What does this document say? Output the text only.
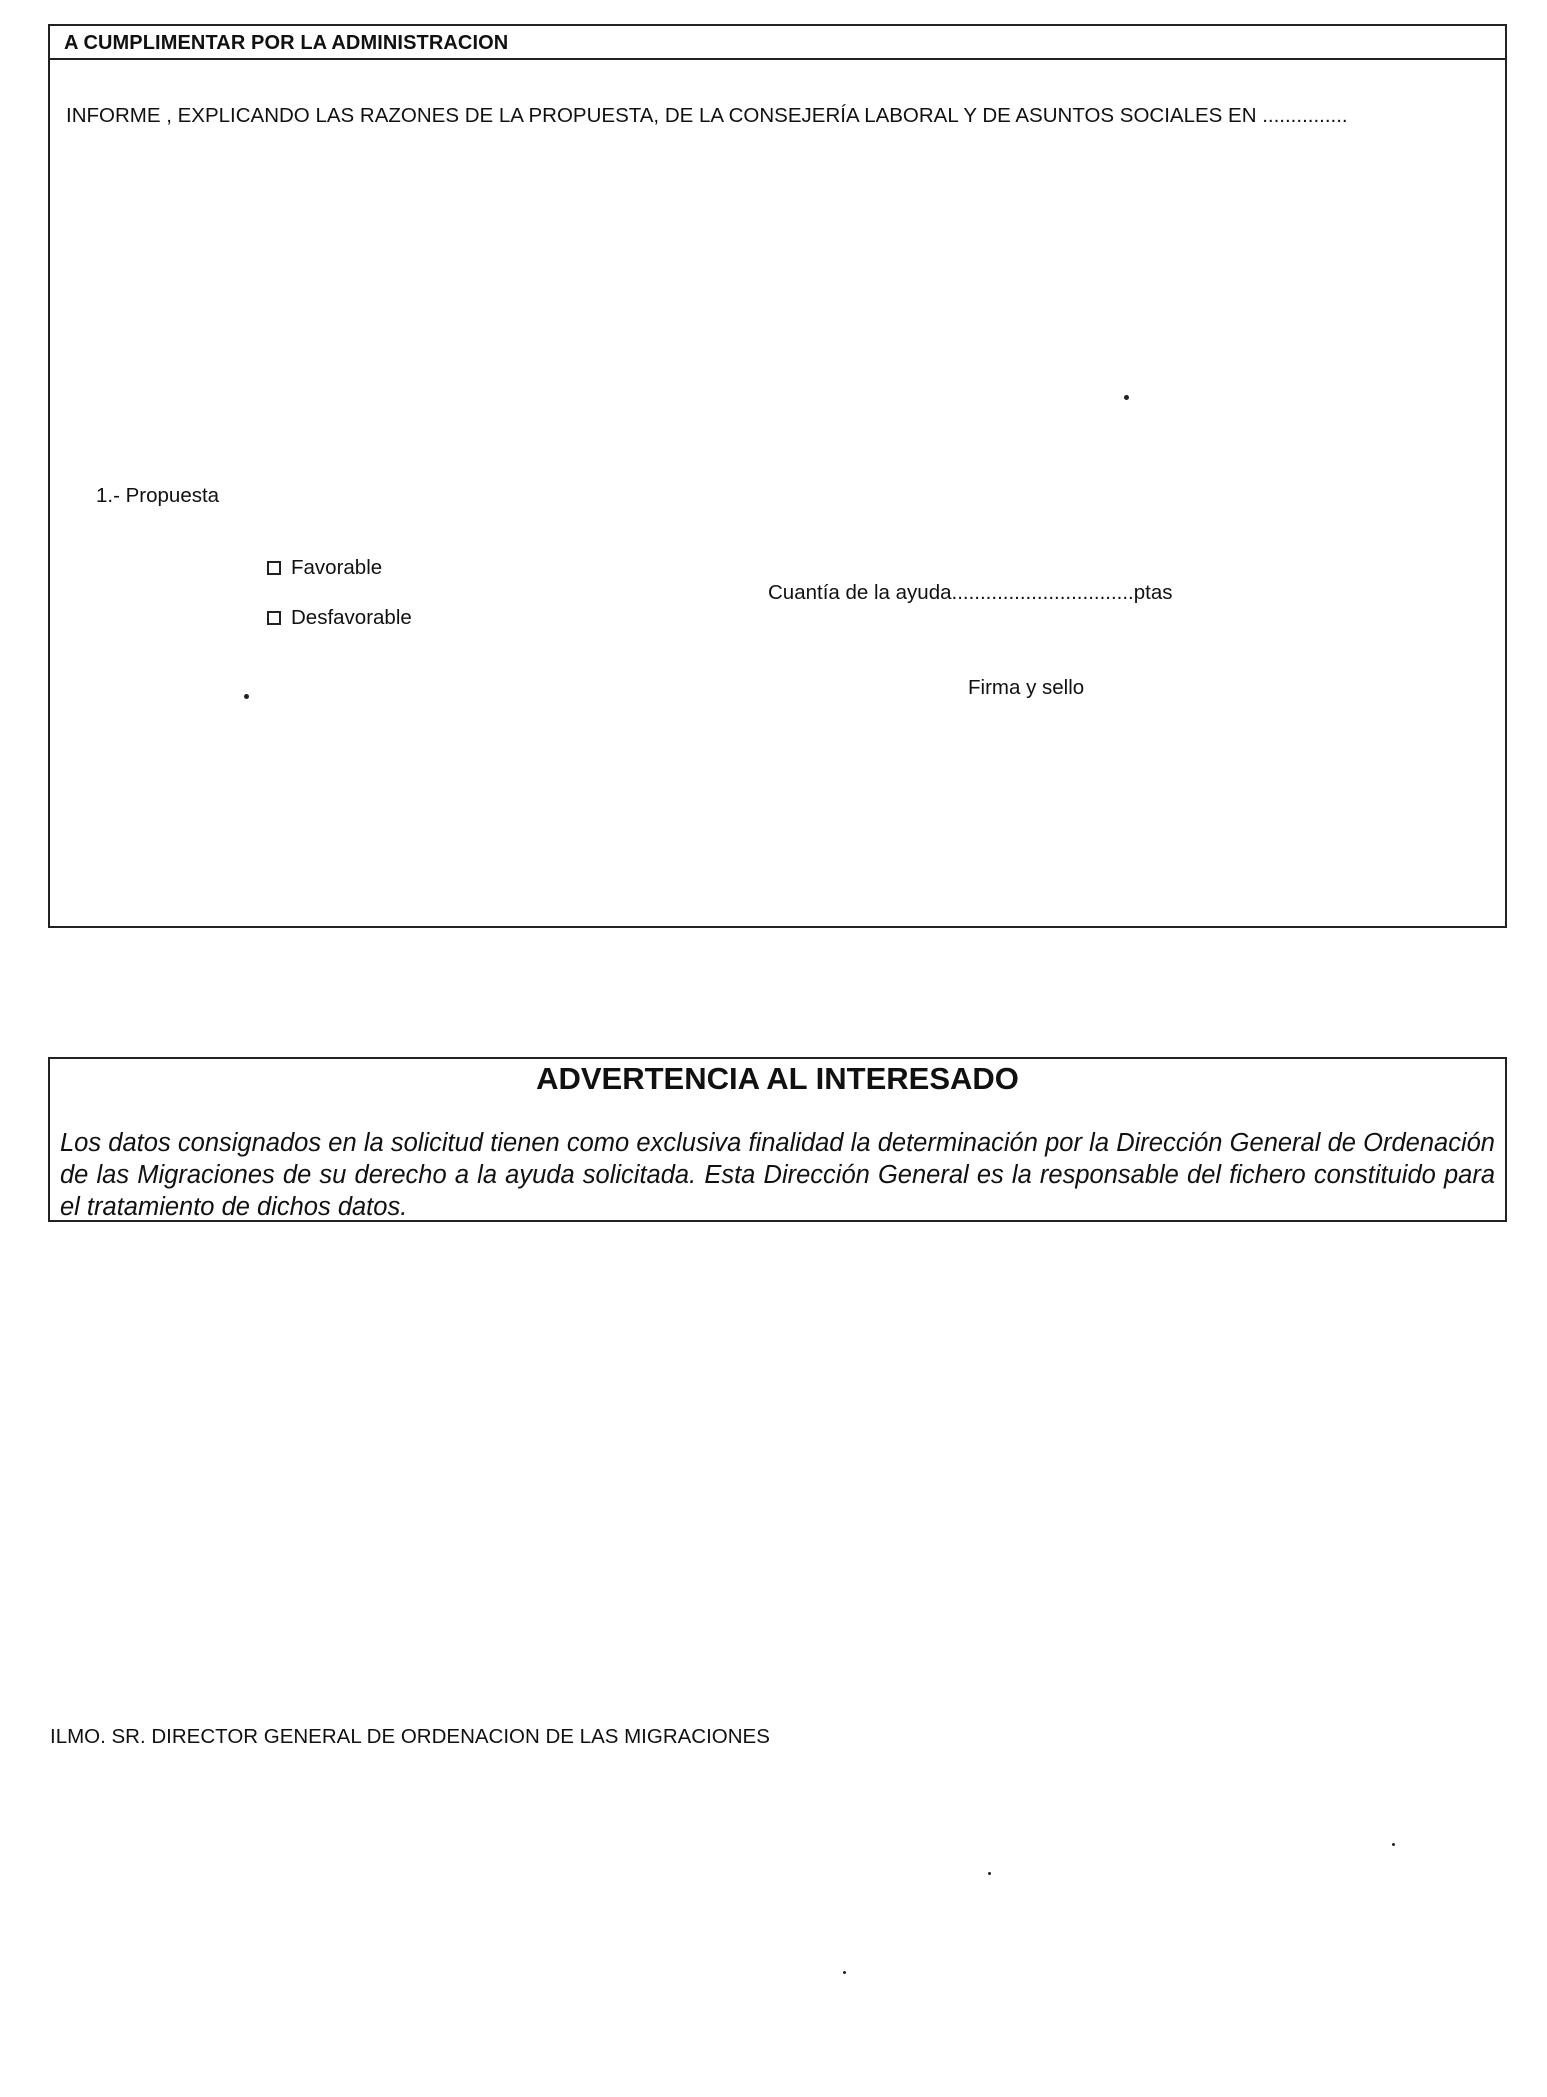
A CUMPLIMENTAR POR LA ADMINISTRACION
INFORME , EXPLICANDO LAS RAZONES DE LA PROPUESTA, DE LA CONSEJERÍA LABORAL Y DE ASUNTOS SOCIALES EN ...............
1.- Propuesta
Favorable
Desfavorable
Cuantía de la ayuda................................ptas
Firma y sello
ADVERTENCIA AL INTERESADO
Los datos consignados en la solicitud tienen como exclusiva finalidad la determinación por la Dirección General de Ordenación de las Migraciones de su derecho a la ayuda solicitada. Esta Dirección General es la responsable del fichero constituido para el tratamiento de dichos datos.
ILMO. SR. DIRECTOR GENERAL DE ORDENACION DE LAS MIGRACIONES
